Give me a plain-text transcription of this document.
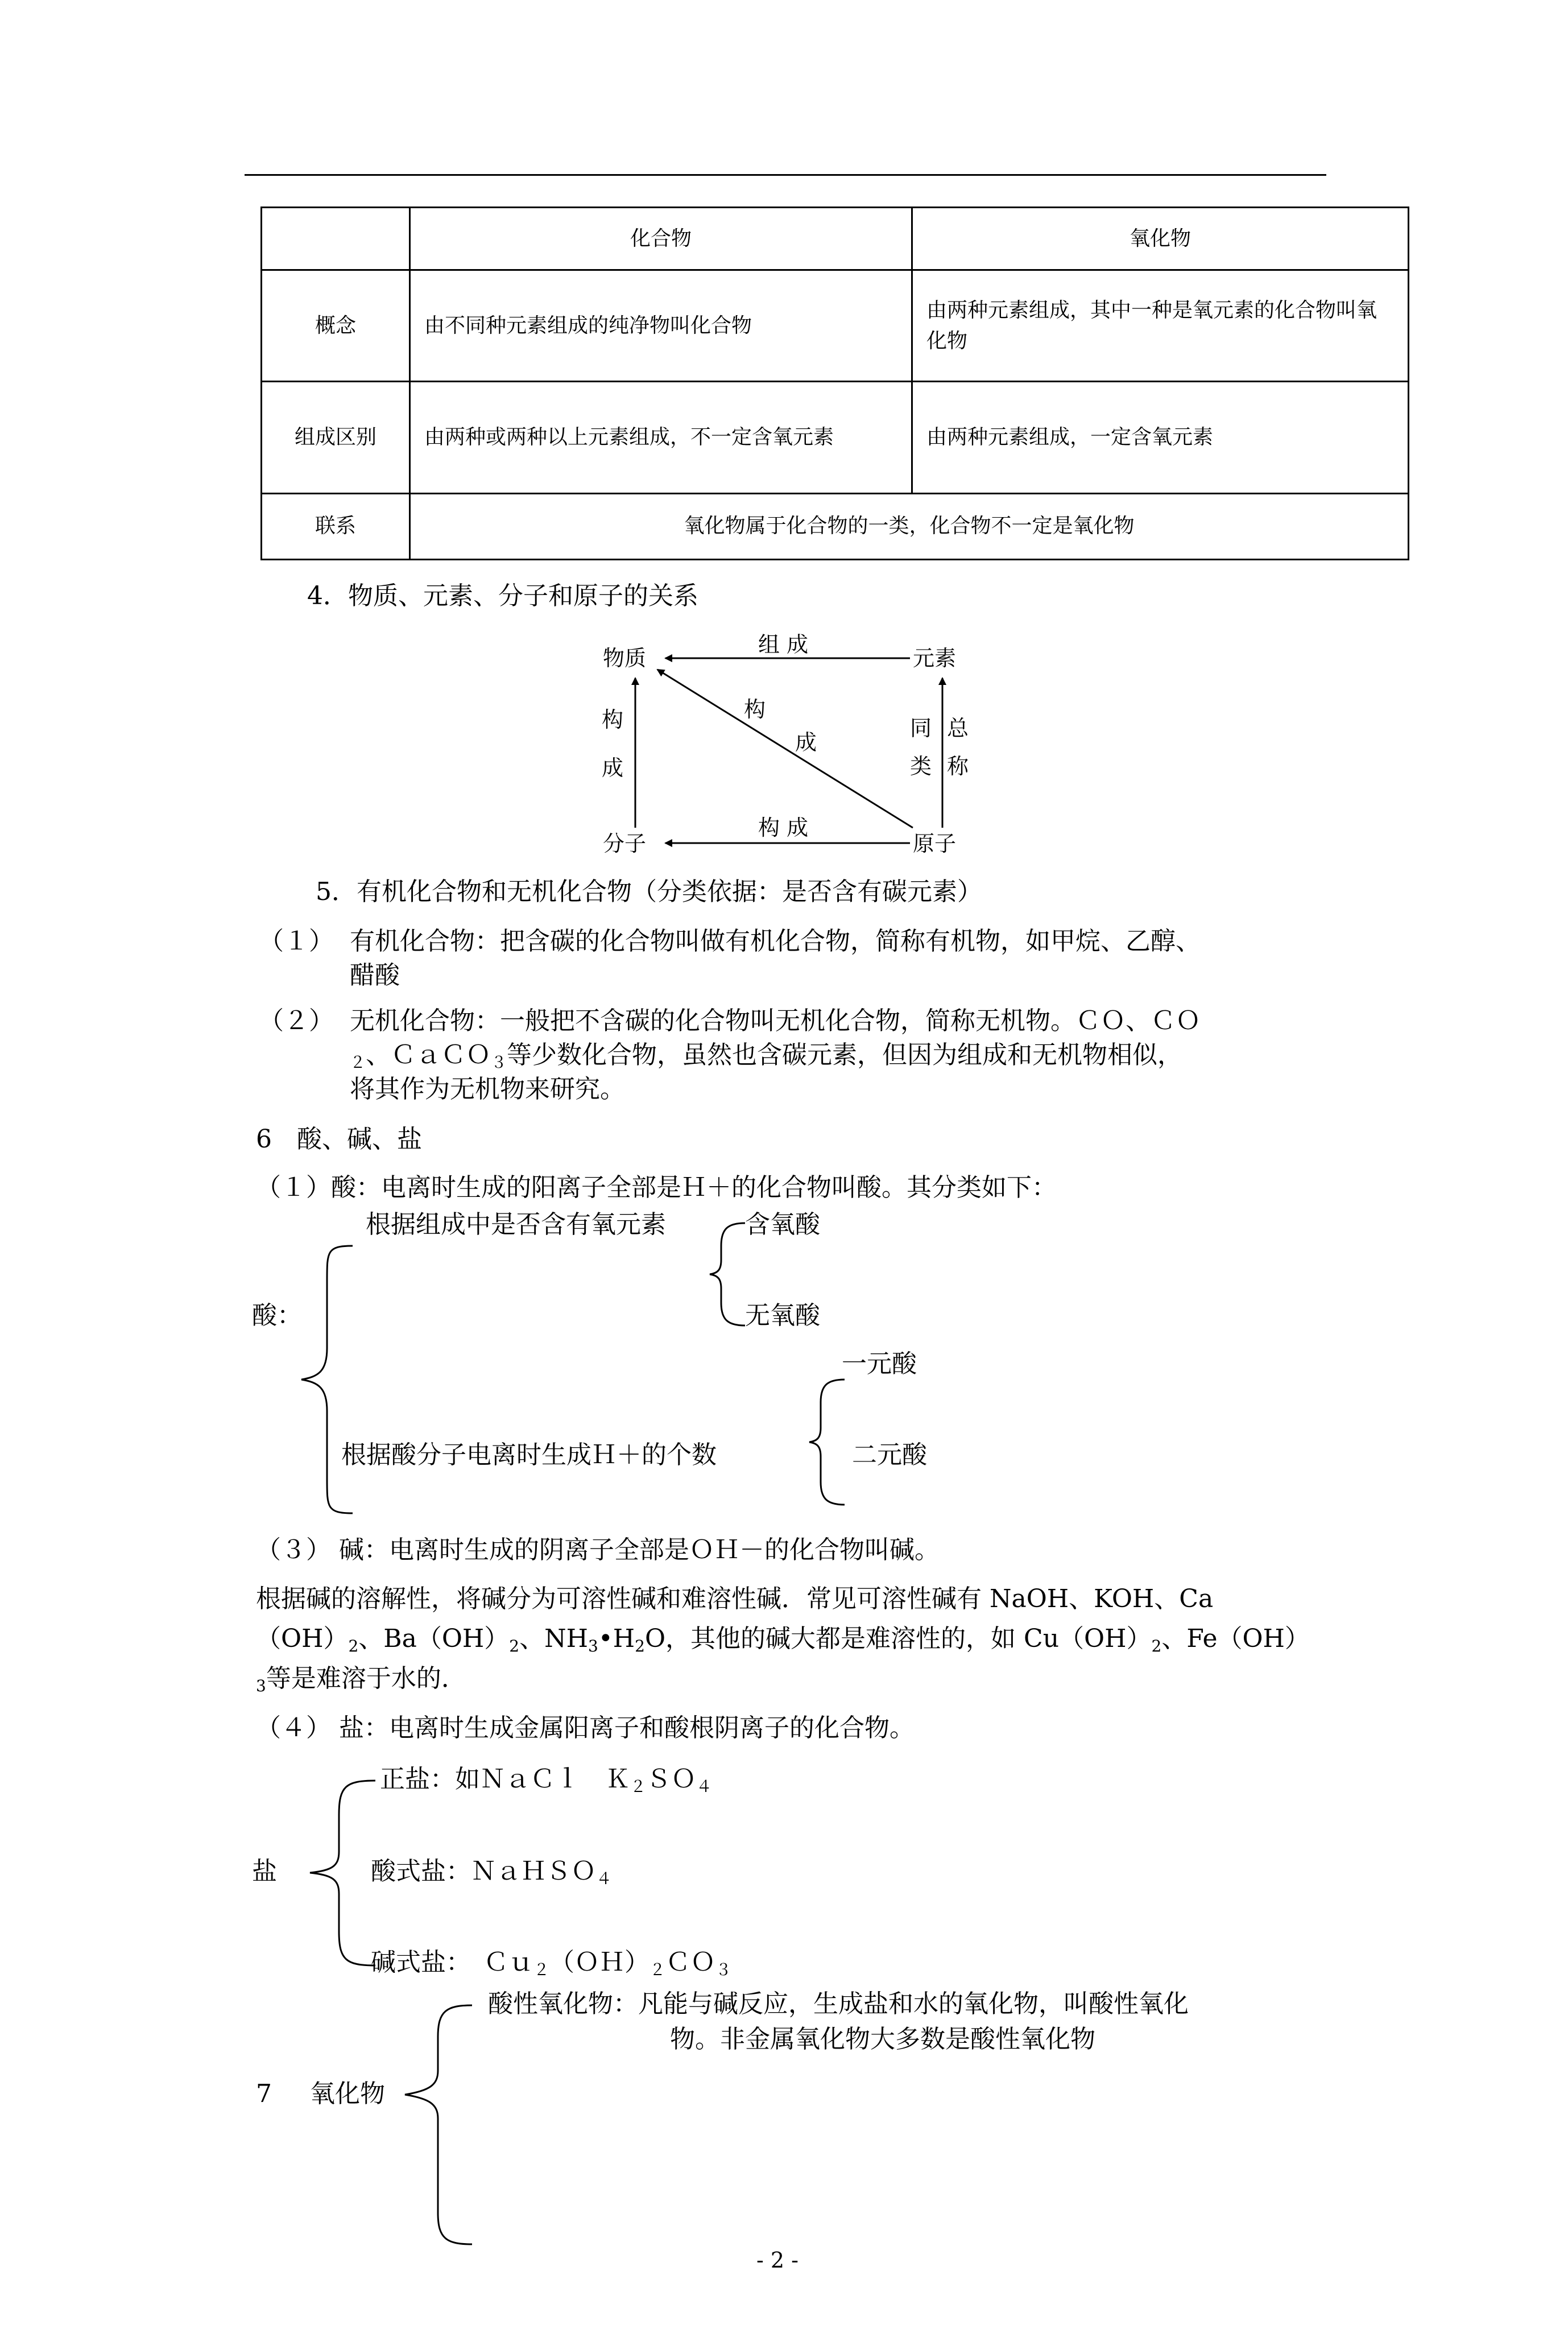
	化合物	氧化物
概念	由不同种元素组成的纯净物叫化合物	由两种元素组成，其中一种是氧元素的化合物叫氧化物
组成区别	由两种或两种以上元素组成，不一定含氧元素	由两种元素组成，一定含氧元素
联系	氧化物属于化合物的一类，化合物不一定是氧化物	
4．物质、元素、分子和原子的关系
物质	元素
分子	原子
组 成
构 成
构
成
构
成
同 总
类 称
5．有机化合物和无机化合物（分类依据：是否含有碳元素）
（１） 有机化合物：把含碳的化合物叫做有机化合物，简称有机物，如甲烷、乙醇、
醋酸
（２） 无机化合物：一般把不含碳的化合物叫无机化合物，简称无机物。ＣＯ、ＣＯ
$_2$、ＣａＣＯ$_3$等少数化合物，虽然也含碳元素，但因为组成和无机物相似，
将其作为无机物来研究。
6　酸、碱、盐
（１）酸：电离时生成的阳离子全部是Ｈ＋的化合物叫酸。其分类如下：
根据组成中是否含有氧元素	含氧酸
酸：	无氧酸
一元酸
根据酸分子电离时生成Ｈ＋的个数	二元酸
（３） 碱：电离时生成的阴离子全部是ＯＨ－的化合物叫碱。
根据碱的溶解性，将碱分为可溶性碱和难溶性碱．常见可溶性碱有 NaOH、KOH、Ca
$(OH)_2$、$Ba(OH)_2$、$NH_3•H_2O$，其他的碱大都是难溶性的，如 $Cu(OH)_2$、Fe（OH）
$_3$等是难溶于水的．
（４） 盐：电离时生成金属阳离子和酸根阴离子的化合物。
正盐：如ＮａＣｌ　Ｋ$_2$ＳＯ$_4$
盐	酸式盐：ＮａＨＳＯ$_4$
碱式盐：　$Cu_2(OH)_2CO_3$
酸性氧化物：凡能与碱反应，生成盐和水的氧化物，叫酸性氧化
物。非金属氧化物大多数是酸性氧化物
7 氧化物
- 2 -
